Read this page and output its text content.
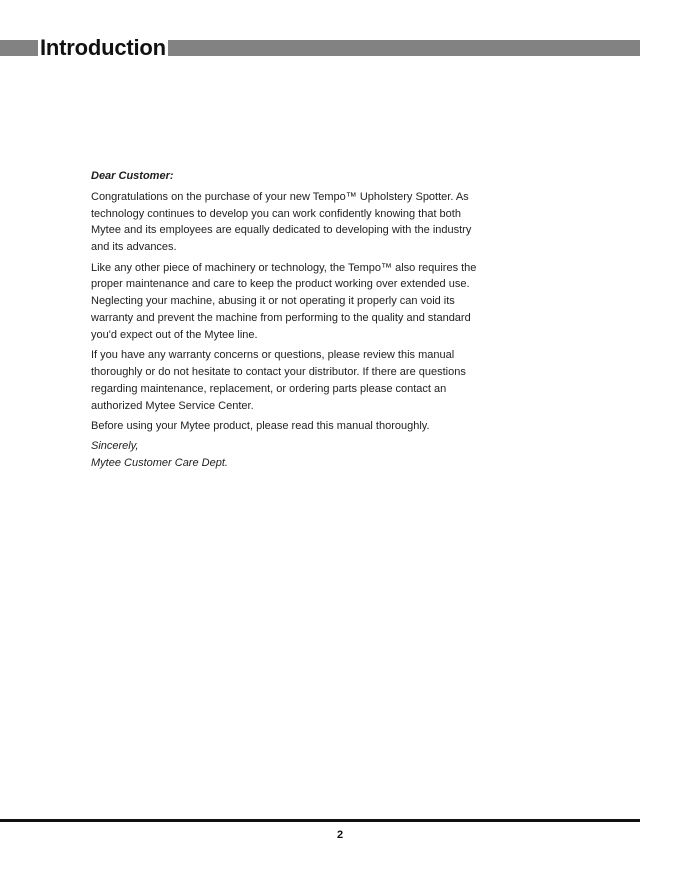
Introduction

Dear Customer:

Congratulations on the purchase of your new Tempo™ Upholstery Spotter. As technology continues to develop you can work confidently knowing that both Mytee and its employees are equally dedicated to developing with the industry and its advances.

Like any other piece of machinery or technology, the Tempo™ also requires the proper maintenance and care to keep the product working over extended use. Neglecting your machine, abusing it or not operating it properly can void its warranty and prevent the machine from performing to the quality and standard you'd expect out of the Mytee line.

If you have any warranty concerns or questions, please review this manual thoroughly or do not hesitate to contact your distributor. If there are questions regarding maintenance, replacement, or ordering parts please contact an authorized Mytee Service Center.

Before using your Mytee product, please read this manual thoroughly.

Sincerely,

Mytee Customer Care Dept.

2
